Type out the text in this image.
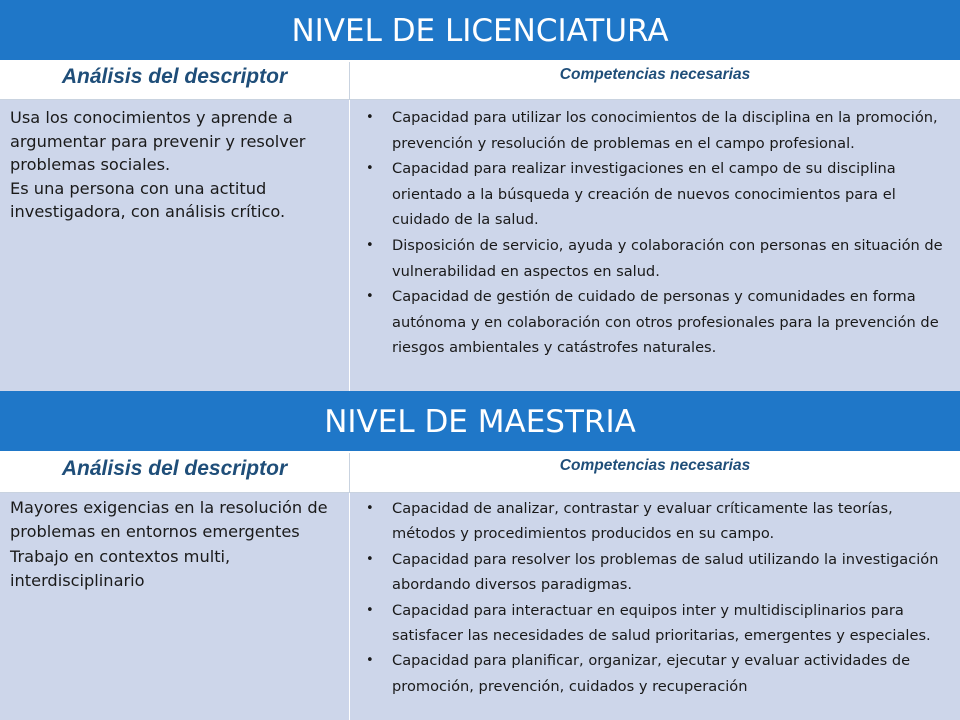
NIVEL DE LICENCIATURA
Análisis del descriptor	Competencias necesarias

Usa los conocimientos y aprende a argumentar para prevenir y resolver problemas sociales.

Es una persona con una actitud investigadora, con análisis crítico.

• Capacidad para utilizar los conocimientos de la disciplina en la promoción, prevención y resolución de problemas en el campo profesional.
• Capacidad para realizar investigaciones en el campo de su disciplina orientado a la búsqueda y creación de nuevos conocimientos para el cuidado de la salud.
• Disposición de servicio, ayuda y colaboración con personas en situación de vulnerabilidad en aspectos en salud.
• Capacidad de gestión de cuidado de personas y comunidades en forma autónoma y en colaboración con otros profesionales para la prevención de riesgos ambientales y catástrofes naturales.
NIVEL DE MAESTRIA
Análisis del descriptor	Competencias necesarias

Mayores exigencias en la resolución de problemas en entornos emergentes

Trabajo en contextos multi, interdisciplinario

• Capacidad de analizar, contrastar y evaluar críticamente las teorías, métodos y procedimientos producidos en su campo.
• Capacidad para resolver los problemas de salud utilizando la investigación abordando diversos paradigmas.
• Capacidad para interactuar en equipos inter y multidisciplinarios para satisfacer las necesidades de salud prioritarias, emergentes y especiales.
• Capacidad para planificar, organizar, ejecutar y evaluar actividades de promoción, prevención, cuidados y recuperación
